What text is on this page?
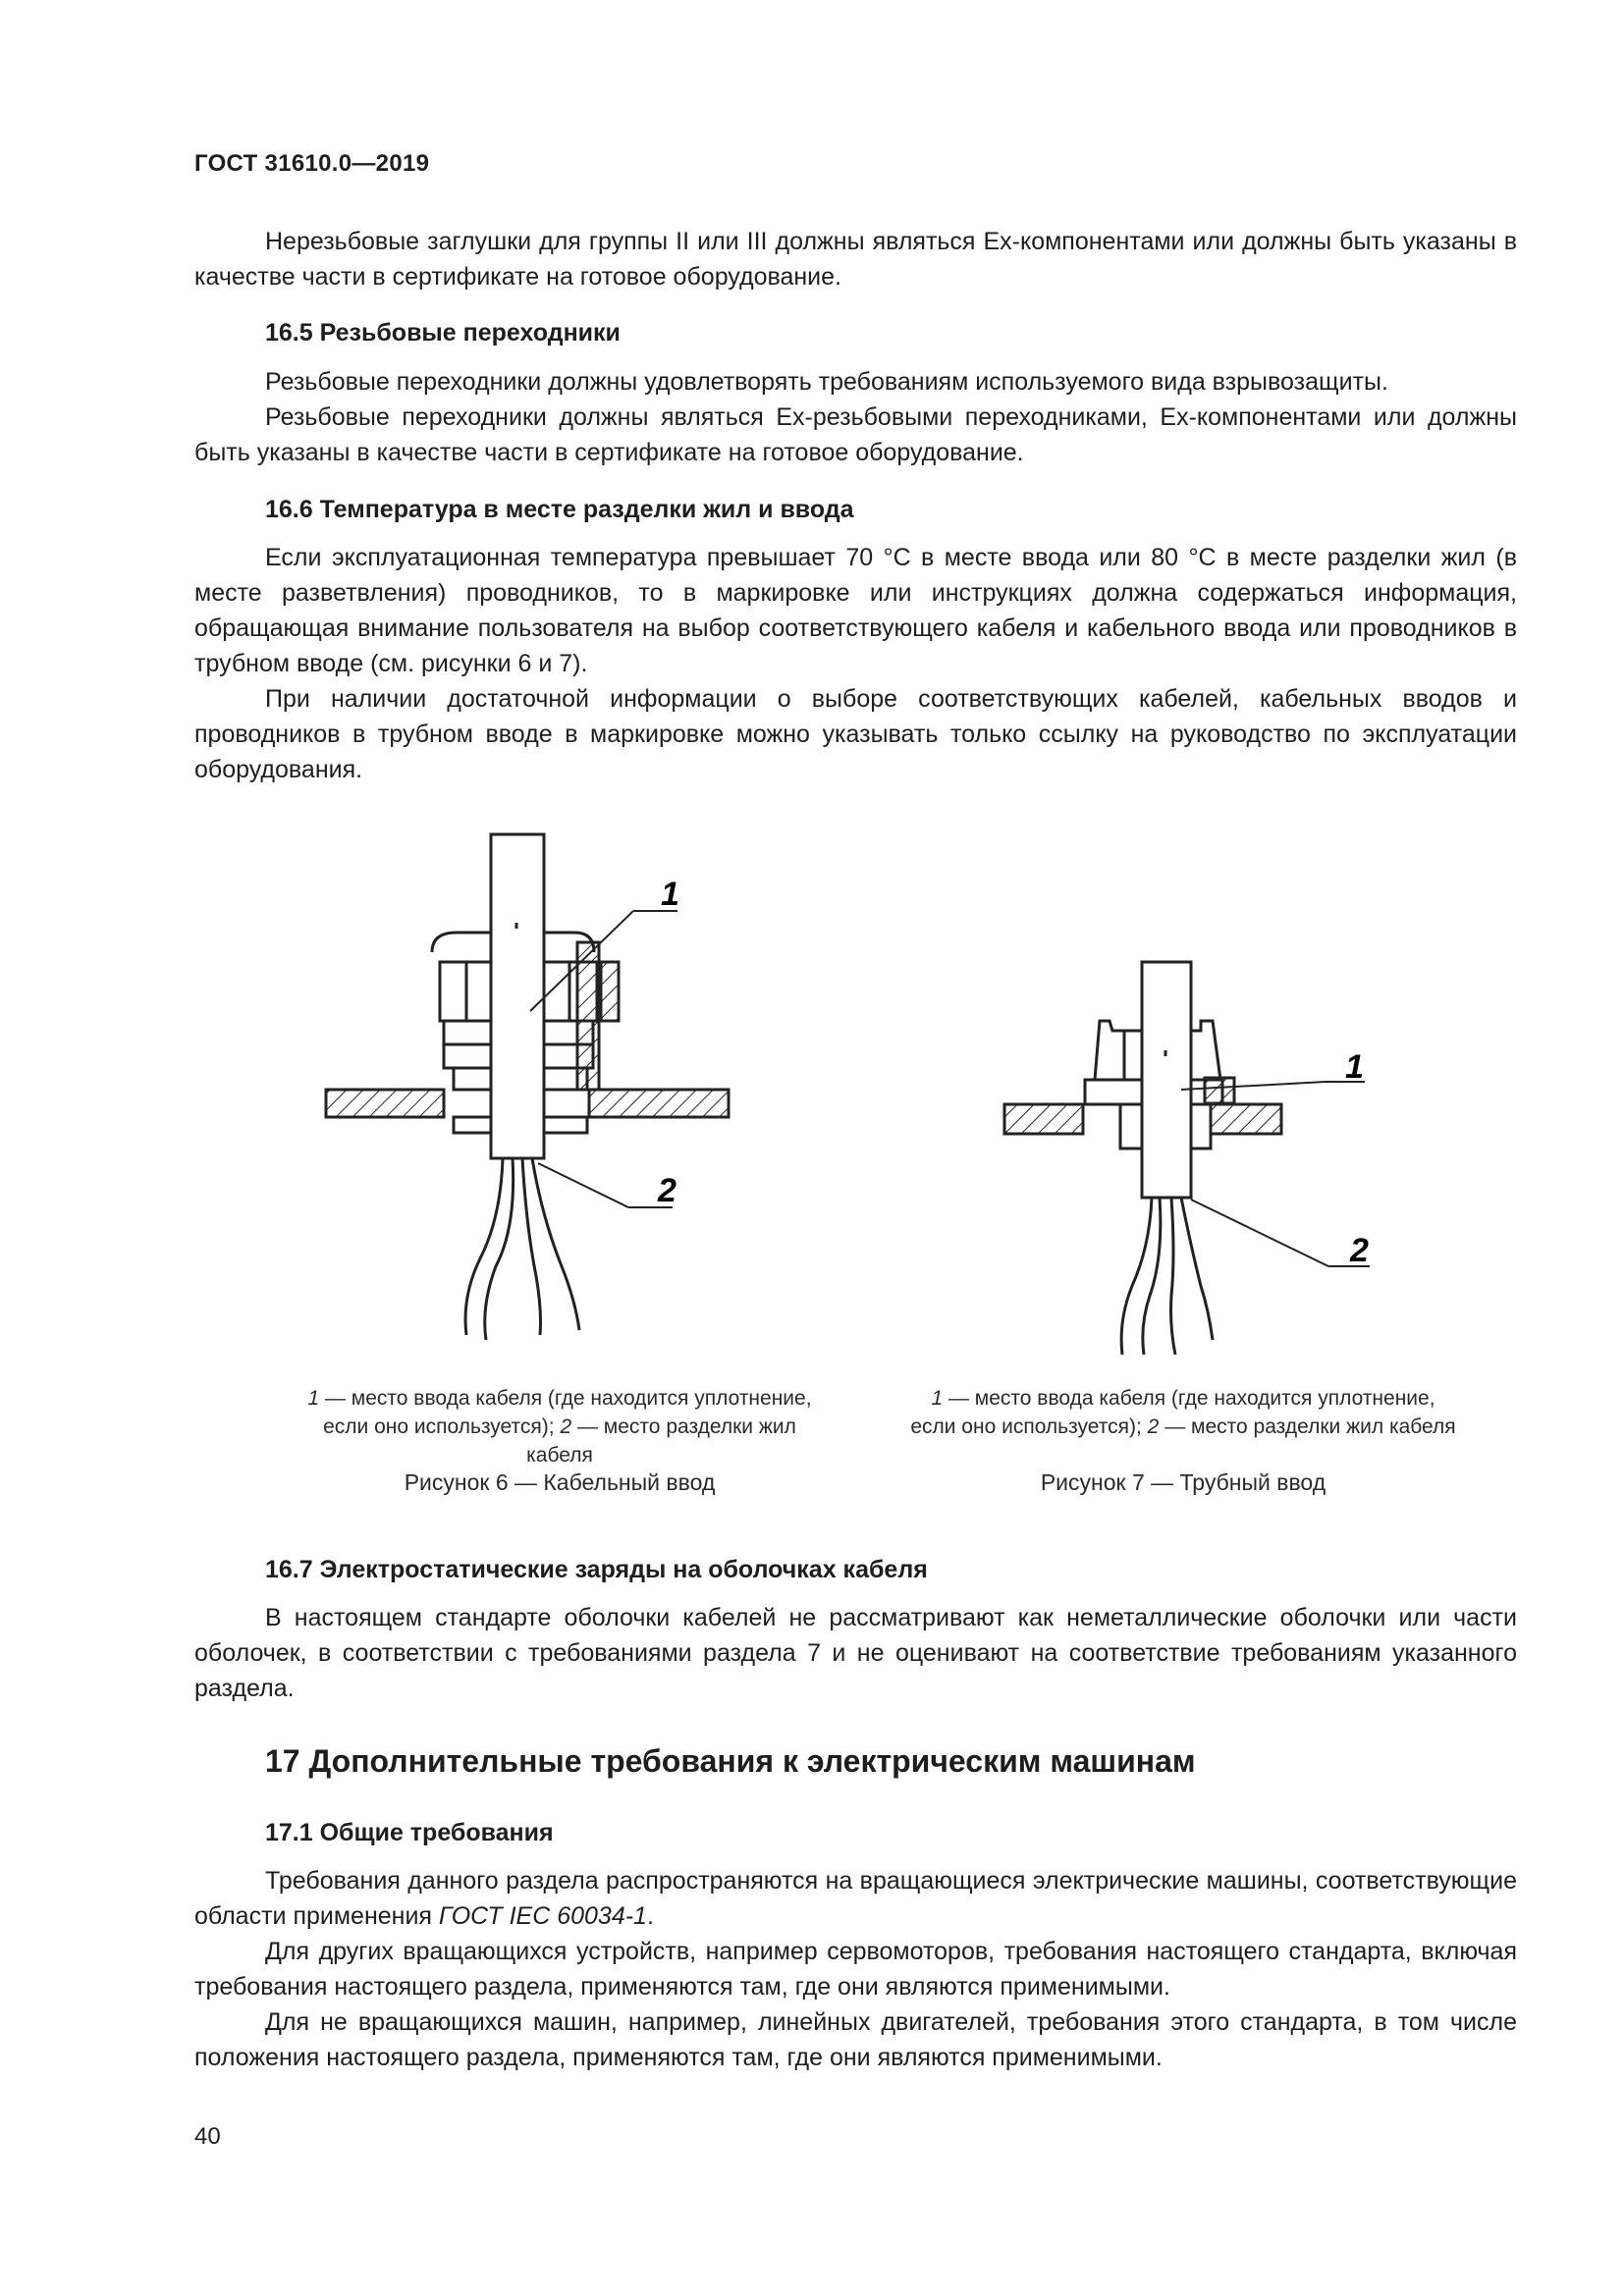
ГОСТ 31610.0—2019

Нерезьбовые заглушки для группы II или III должны являться Ex-компонентами или должны быть указаны в качестве части в сертификате на готовое оборудование.

16.5 Резьбовые переходники

Резьбовые переходники должны удовлетворять требованиям используемого вида взрывозащиты.

Резьбовые переходники должны являться Ex-резьбовыми переходниками, Ex-компонентами или должны быть указаны в качестве части в сертификате на готовое оборудование.

16.6 Температура в месте разделки жил и ввода

Если эксплуатационная температура превышает 70 °С в месте ввода или 80 °С в месте разделки жил (в месте разветвления) проводников, то в маркировке или инструкциях должна содержаться информация, обращающая внимание пользователя на выбор соответствующего кабеля и кабельного ввода или проводников в трубном вводе (см. рисунки 6 и 7).

При наличии достаточной информации о выборе соответствующих кабелей, кабельных вводов и проводников в трубном вводе в маркировке можно указывать только ссылку на руководство по эксплуатации оборудования.

1
2
1 — место ввода кабеля (где находится уплотнение,
если оно используется); 2 — место разделки жил кабеля
Рисунок 6 — Кабельный ввод
1
2
1 — место ввода кабеля (где находится уплотнение,
если оно используется); 2 — место разделки жил кабеля
Рисунок 7 — Трубный ввод
16.7 Электростатические заряды на оболочках кабеля

В настоящем стандарте оболочки кабелей не рассматривают как неметаллические оболочки или части оболочек, в соответствии с требованиями раздела 7 и не оценивают на соответствие требованиям указанного раздела.

17 Дополнительные требования к электрическим машинам
17.1 Общие требования

Требования данного раздела распространяются на вращающиеся электрические машины, соответствующие области применения ГОСТ IEC 60034-1.

Для других вращающихся устройств, например сервомоторов, требования настоящего стандарта, включая требования настоящего раздела, применяются там, где они являются применимыми.

Для не вращающихся машин, например, линейных двигателей, требования этого стандарта, в том числе положения настоящего раздела, применяются там, где они являются применимыми.

40
